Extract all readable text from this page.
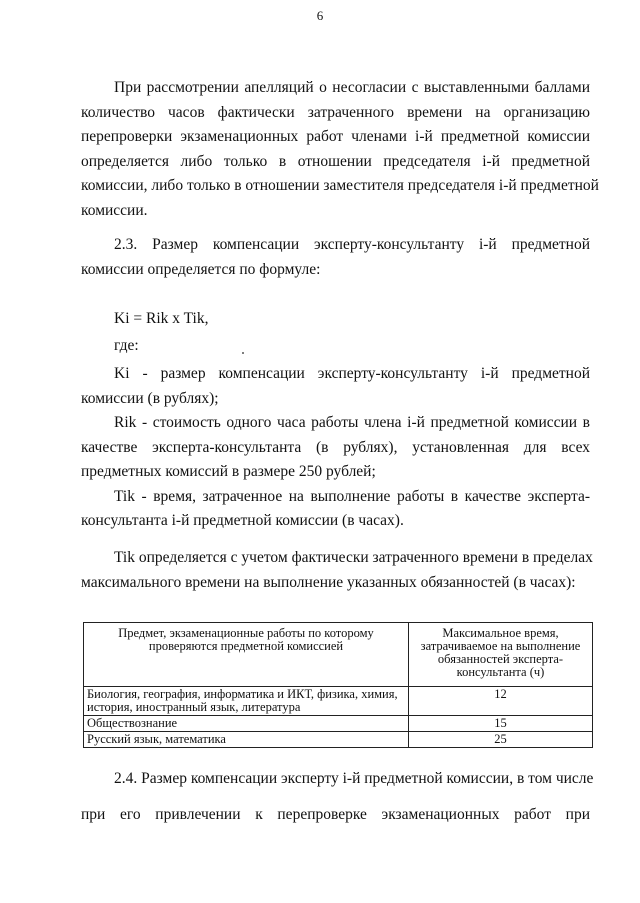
6
При рассмотрении апелляций о несогласии с выставленными баллами
количество часов фактически затраченного времени на организацию
перепроверки экзаменационных работ членами i-й предметной комиссии
определяется либо только в отношении председателя i-й предметной
комиссии, либо только в отношении заместителя председателя i-й предметной
комиссии.
2.3. Размер компенсации эксперту-консультанту i-й предметной
комиссии определяется по формуле:
Ki = Rik x Tik,
где:
Ki - размер компенсации эксперту-консультанту i-й предметной
комиссии (в рублях);
Rik - стоимость одного часа работы члена i-й предметной комиссии в
качестве эксперта-консультанта (в рублях), установленная для всех
предметных комиссий в размере 250 рублей;
Tik - время, затраченное на выполнение работы в качестве эксперта-
консультанта i-й предметной комиссии (в часах).
Tik определяется с учетом фактически затраченного времени в пределах
максимального времени на выполнение указанных обязанностей (в часах):
Предмет, экзаменационные работы по которому проверяются предметной комиссией	Максимальное время, затрачиваемое на выполнение обязанностей эксперта-консультанта (ч)
Биология, география, информатика и ИКТ, физика, химия, история, иностранный язык, литература	12
Обществознание	15
Русский язык, математика	25
2.4. Размер компенсации эксперту i-й предметной комиссии, в том числе
при его привлечении к перепроверке экзаменационных работ при
